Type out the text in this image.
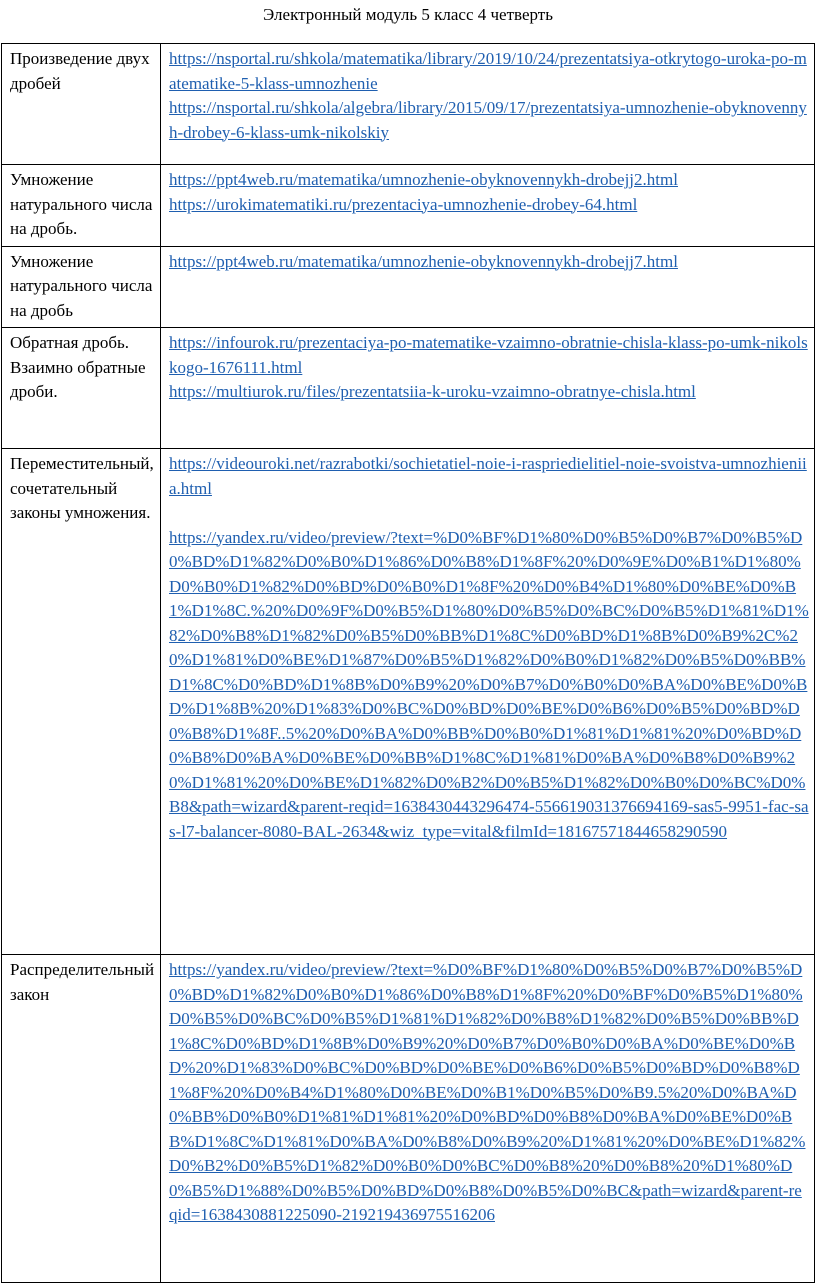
Электронный модуль 5 класс 4 четверть
Произведение двух дробей	https://nsportal.ru/shkola/matematika/library/2019/10/24/prezentatsiya-otkrytogo-uroka-po-matematike-5-klass-umnozhenie
https://nsportal.ru/shkola/algebra/library/2015/09/17/prezentatsiya-umnozhenie-obyknovennyh-drobey-6-klass-umk-nikolskiy

Умножение натурального числа на дробь.	https://ppt4web.ru/matematika/umnozhenie-obyknovennykh-drobejj2.html
https://urokimatematiki.ru/prezentaciya-umnozhenie-drobey-64.html

Умножение натурального числа на дробь	https://ppt4web.ru/matematika/umnozhenie-obyknovennykh-drobejj7.html

Обратная дробь. Взаимно обратные дроби.	https://infourok.ru/prezentaciya-po-matematike-vzaimno-obratnie-chisla-klass-po-umk-nikolskogo-1676111.html
https://multiurok.ru/files/prezentatsiia-k-uroku-vzaimno-obratnye-chisla.html

Переместительный, сочетательный законы умножения.	https://videouroki.net/razrabotki/sochietatiel-noie-i-raspriedielitiel-noie-svoistva-umnozhieniia.html
https://yandex.ru/video/preview/?text=%D0%BF%D1%80%D0%B5%D0%B7%D0%B5%D0%BD%D1%82%D0%B0%D1%86%D0%B8%D1%8F%20%D0%9E%D0%B1%D1%80%D0%B0%D1%82%D0%BD%D0%B0%D1%8F%20%D0%B4%D1%80%D0%BE%D0%B1%D1%8C.%20%D0%9F%D0%B5%D1%80%D0%B5%D0%BC%D0%B5%D1%81%D1%82%D0%B8%D1%82%D0%B5%D0%BB%D1%8C%D0%BD%D1%8B%D0%B9%2C%20%D1%81%D0%BE%D1%87%D0%B5%D1%82%D0%B0%D1%82%D0%B5%D0%BB%D1%8C%D0%BD%D1%8B%D0%B9%20%D0%B7%D0%B0%D0%BA%D0%BE%D0%BD%D1%8B%20%D1%83%D0%BC%D0%BD%D0%BE%D0%B6%D0%B5%D0%BD%D0%B8%D1%8F..5%20%D0%BA%D0%BB%D0%B0%D1%81%D1%81%20%D0%BD%D0%B8%D0%BA%D0%BE%D0%BB%D1%8C%D1%81%D0%BA%D0%B8%D0%B9%20%D1%81%20%D0%BE%D1%82%D0%B2%D0%B5%D1%82%D0%B0%D0%BC%D0%B8&path=wizard&parent-reqid=1638430443296474-556619031376694169-sas5-9951-fac-sas-l7-balancer-8080-BAL-2634&wiz_type=vital&filmId=18167571844658290590

Распределительный закон	https://yandex.ru/video/preview/?text=%D0%BF%D1%80%D0%B5%D0%B7%D0%B5%D0%BD%D1%82%D0%B0%D1%86%D0%B8%D1%8F%20%D0%BF%D0%B5%D1%80%D0%B5%D0%BC%D0%B5%D1%81%D1%82%D0%B8%D1%82%D0%B5%D0%BB%D1%8C%D0%BD%D1%8B%D0%B9%20%D0%B7%D0%B0%D0%BA%D0%BE%D0%BD%20%D1%83%D0%BC%D0%BD%D0%BE%D0%B6%D0%B5%D0%BD%D0%B8%D1%8F%20%D0%B4%D1%80%D0%BE%D0%B1%D0%B5%D0%B9.5%20%D0%BA%D0%BB%D0%B0%D1%81%D1%81%20%D0%BD%D0%B8%D0%BA%D0%BE%D0%BB%D1%8C%D1%81%D0%BA%D0%B8%D0%B9%20%D1%81%20%D0%BE%D1%82%D0%B2%D0%B5%D1%82%D0%B0%D0%BC%D0%B8%20%D0%B8%20%D1%80%D0%B5%D1%88%D0%B5%D0%BD%D0%B8%D0%B5%D0%BC&path=wizard&parent-reqid=1638430881225090-219219436975516206
